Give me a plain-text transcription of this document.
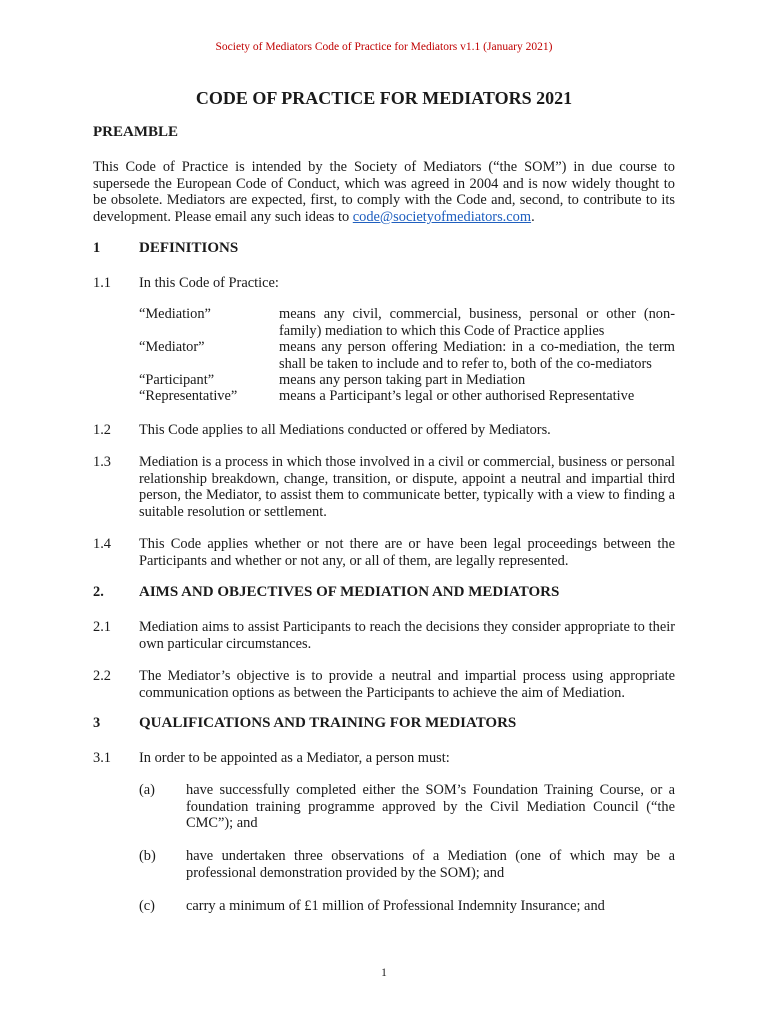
Society of Mediators Code of Practice for Mediators v1.1 (January 2021)
CODE OF PRACTICE FOR MEDIATORS 2021
PREAMBLE
This Code of Practice is intended by the Society of Mediators (“the SOM”) in due course to supersede the European Code of Conduct, which was agreed in 2004 and is now widely thought to be obsolete. Mediators are expected, first, to comply with the Code and, second, to contribute to its development. Please email any such ideas to code@societyofmediators.com.
1	DEFINITIONS
1.1 In this Code of Practice:
“Mediation”	means any civil, commercial, business, personal or other (non-family) mediation to which this Code of Practice applies
“Mediator”	means any person offering Mediation: in a co-mediation, the term shall be taken to include and to refer to, both of the co-mediators
“Participant”	means any person taking part in Mediation
“Representative”	means a Participant’s legal or other authorised Representative
1.2 This Code applies to all Mediations conducted or offered by Mediators.
1.3 Mediation is a process in which those involved in a civil or commercial, business or personal relationship breakdown, change, transition, or dispute, appoint a neutral and impartial third person, the Mediator, to assist them to communicate better, typically with a view to finding a suitable resolution or settlement.
1.4 This Code applies whether or not there are or have been legal proceedings between the Participants and whether or not any, or all of them, are legally represented.
2. AIMS AND OBJECTIVES OF MEDIATION AND MEDIATORS
2.1 Mediation aims to assist Participants to reach the decisions they consider appropriate to their own particular circumstances.
2.2 The Mediator’s objective is to provide a neutral and impartial process using appropriate communication options as between the Participants to achieve the aim of Mediation.
3	QUALIFICATIONS AND TRAINING FOR MEDIATORS
3.1 In order to be appointed as a Mediator, a person must:
(a) have successfully completed either the SOM’s Foundation Training Course, or a foundation training programme approved by the Civil Mediation Council (“the CMC”); and
(b) have undertaken three observations of a Mediation (one of which may be a professional demonstration provided by the SOM); and
(c) carry a minimum of £1 million of Professional Indemnity Insurance; and
1
